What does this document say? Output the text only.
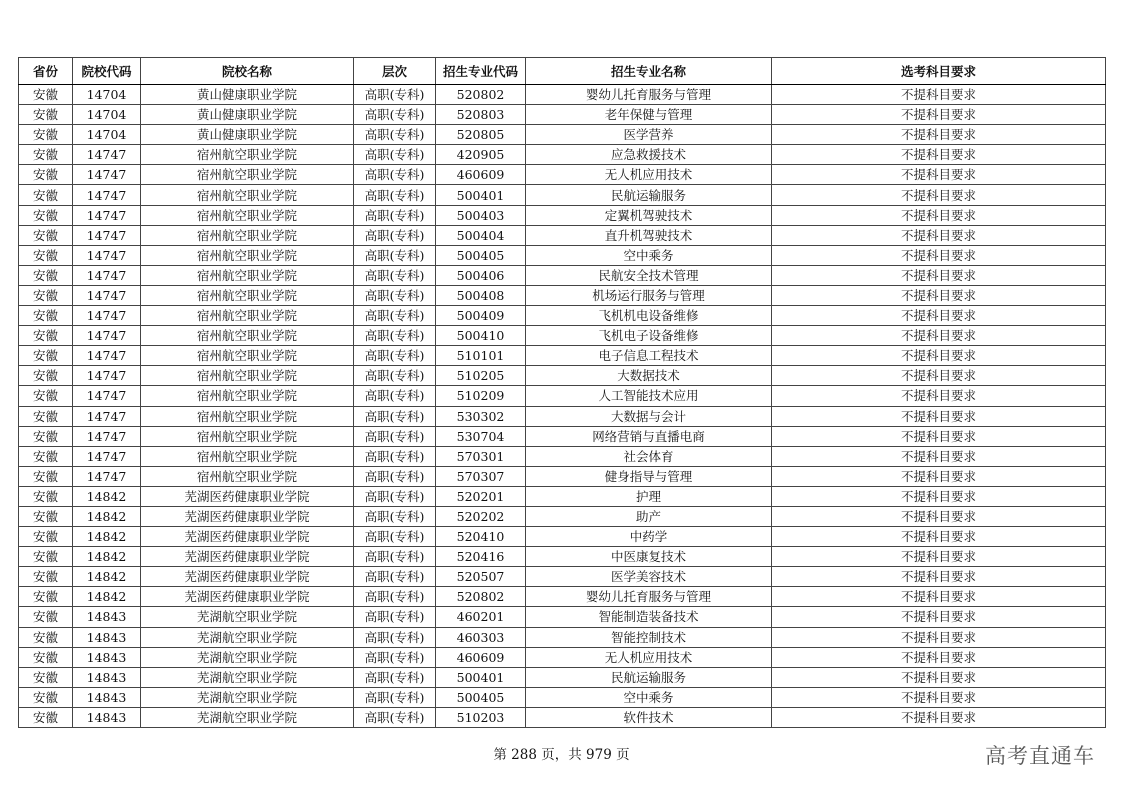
省份	院校代码	院校名称	层次	招生专业代码	招生专业名称	选考科目要求
安徽	14704	黄山健康职业学院	高职(专科)	520802	婴幼儿托育服务与管理	不提科目要求
安徽	14704	黄山健康职业学院	高职(专科)	520803	老年保健与管理	不提科目要求
安徽	14704	黄山健康职业学院	高职(专科)	520805	医学营养	不提科目要求
安徽	14747	宿州航空职业学院	高职(专科)	420905	应急救援技术	不提科目要求
安徽	14747	宿州航空职业学院	高职(专科)	460609	无人机应用技术	不提科目要求
安徽	14747	宿州航空职业学院	高职(专科)	500401	民航运输服务	不提科目要求
安徽	14747	宿州航空职业学院	高职(专科)	500403	定翼机驾驶技术	不提科目要求
安徽	14747	宿州航空职业学院	高职(专科)	500404	直升机驾驶技术	不提科目要求
安徽	14747	宿州航空职业学院	高职(专科)	500405	空中乘务	不提科目要求
安徽	14747	宿州航空职业学院	高职(专科)	500406	民航安全技术管理	不提科目要求
安徽	14747	宿州航空职业学院	高职(专科)	500408	机场运行服务与管理	不提科目要求
安徽	14747	宿州航空职业学院	高职(专科)	500409	飞机机电设备维修	不提科目要求
安徽	14747	宿州航空职业学院	高职(专科)	500410	飞机电子设备维修	不提科目要求
安徽	14747	宿州航空职业学院	高职(专科)	510101	电子信息工程技术	不提科目要求
安徽	14747	宿州航空职业学院	高职(专科)	510205	大数据技术	不提科目要求
安徽	14747	宿州航空职业学院	高职(专科)	510209	人工智能技术应用	不提科目要求
安徽	14747	宿州航空职业学院	高职(专科)	530302	大数据与会计	不提科目要求
安徽	14747	宿州航空职业学院	高职(专科)	530704	网络营销与直播电商	不提科目要求
安徽	14747	宿州航空职业学院	高职(专科)	570301	社会体育	不提科目要求
安徽	14747	宿州航空职业学院	高职(专科)	570307	健身指导与管理	不提科目要求
安徽	14842	芜湖医药健康职业学院	高职(专科)	520201	护理	不提科目要求
安徽	14842	芜湖医药健康职业学院	高职(专科)	520202	助产	不提科目要求
安徽	14842	芜湖医药健康职业学院	高职(专科)	520410	中药学	不提科目要求
安徽	14842	芜湖医药健康职业学院	高职(专科)	520416	中医康复技术	不提科目要求
安徽	14842	芜湖医药健康职业学院	高职(专科)	520507	医学美容技术	不提科目要求
安徽	14842	芜湖医药健康职业学院	高职(专科)	520802	婴幼儿托育服务与管理	不提科目要求
安徽	14843	芜湖航空职业学院	高职(专科)	460201	智能制造装备技术	不提科目要求
安徽	14843	芜湖航空职业学院	高职(专科)	460303	智能控制技术	不提科目要求
安徽	14843	芜湖航空职业学院	高职(专科)	460609	无人机应用技术	不提科目要求
安徽	14843	芜湖航空职业学院	高职(专科)	500401	民航运输服务	不提科目要求
安徽	14843	芜湖航空职业学院	高职(专科)	500405	空中乘务	不提科目要求
安徽	14843	芜湖航空职业学院	高职(专科)	510203	软件技术	不提科目要求
第 288 页，共 979 页	高考直通车
